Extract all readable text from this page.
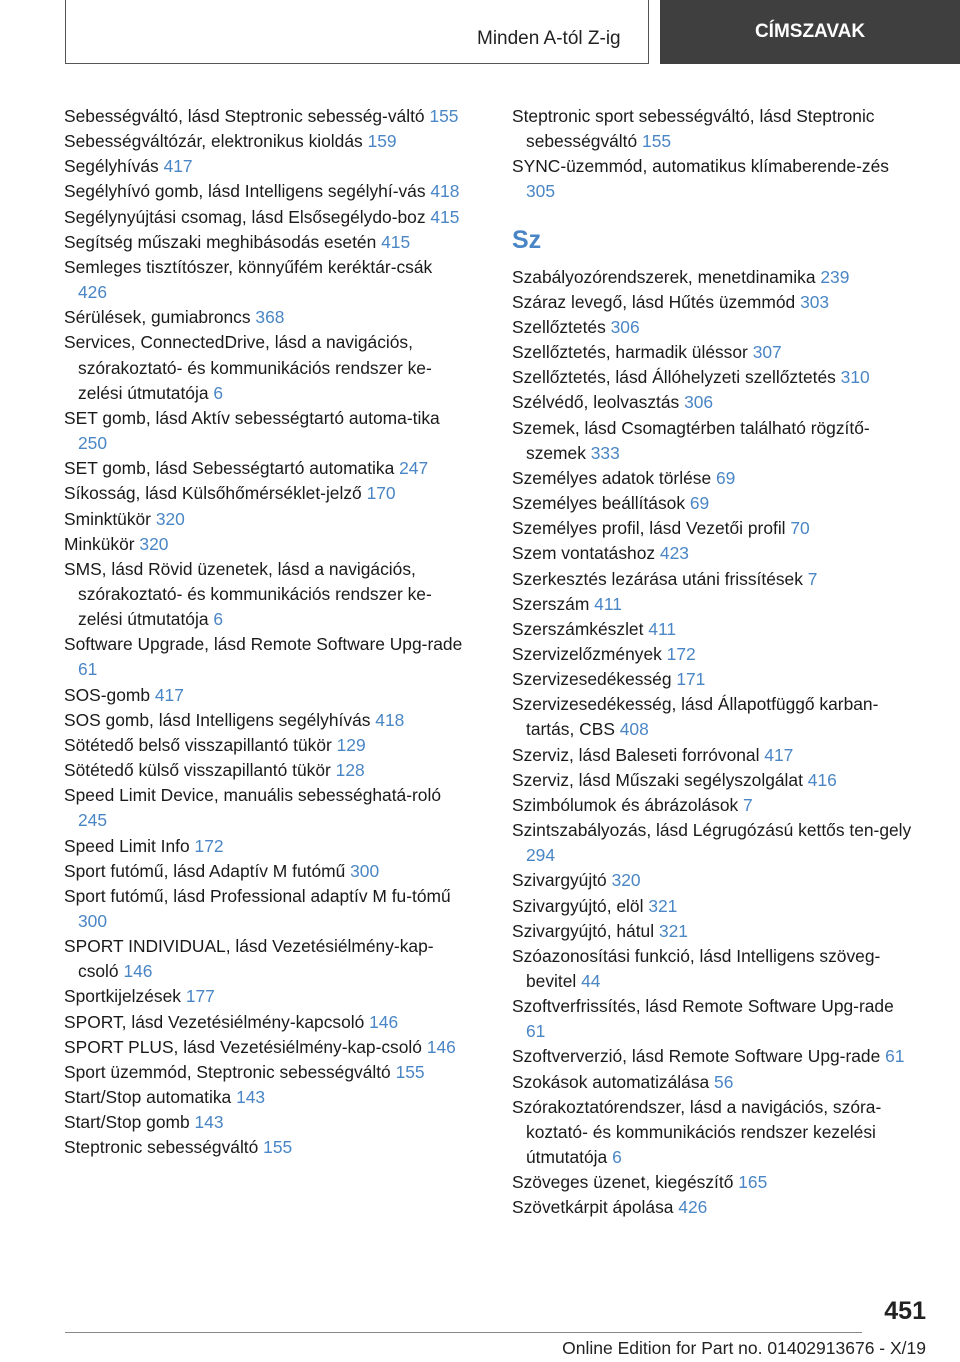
Minden A-tól Z-ig	CÍMSZAVAK
Sebességváltó, lásd Steptronic sebesség-váltó 155
Sebességváltózár, elektronikus kioldás 159
Segélyhívás 417
Segélyhívó gomb, lásd Intelligens segélyhí-vás 418
Segélynyújtási csomag, lásd Elsősegélydo-boz 415
Segítség műszaki meghibásodás esetén 415
Semleges tisztítószer, könnyűfém keréktár-csák 426
Sérülések, gumiabroncs 368
Services, ConnectedDrive, lásd a navigációs, szórakoztató- és kommunikációs rendszer ke-zelési útmutatója 6
SET gomb, lásd Aktív sebességtartó automa-tika 250
SET gomb, lásd Sebességtartó automatika 247
Síkosság, lásd Külsőhőmérséklet-jelző 170
Sminktükör 320
Minkükör 320
SMS, lásd Rövid üzenetek, lásd a navigációs, szórakoztató- és kommunikációs rendszer ke-zelési útmutatója 6
Software Upgrade, lásd Remote Software Upg-rade 61
SOS-gomb 417
SOS gomb, lásd Intelligens segélyhívás 418
Sötétedő belső visszapillantó tükör 129
Sötétedő külső visszapillantó tükör 128
Speed Limit Device, manuális sebességhatá-roló 245
Speed Limit Info 172
Sport futómű, lásd Adaptív M futómű 300
Sport futómű, lásd Professional adaptív M fu-tómű 300
SPORT INDIVIDUAL, lásd Vezetésiélmény-kap-csoló 146
Sportkijelzések 177
SPORT, lásd Vezetésiélmény-kapcsoló 146
SPORT PLUS, lásd Vezetésiélmény-kap-csoló 146
Sport üzemmód, Steptronic sebességváltó 155
Start/Stop automatika 143
Start/Stop gomb 143
Steptronic sebességváltó 155
Steptronic sport sebességváltó, lásd Steptronic sebességváltó 155
SYNC-üzemmód, automatikus klímaberende-zés 305
Sz
Szabályozórendszerek, menetdinamika 239
Száraz levegő, lásd Hűtés üzemmód 303
Szellőztetés 306
Szellőztetés, harmadik üléssor 307
Szellőztetés, lásd Állóhelyzeti szellőztetés 310
Szélvédő, leolvasztás 306
Szemek, lásd Csomagtérben található rögzítő-szemek 333
Személyes adatok törlése 69
Személyes beállítások 69
Személyes profil, lásd Vezetői profil 70
Szem vontatáshoz 423
Szerkesztés lezárása utáni frissítések 7
Szerszám 411
Szerszámkészlet 411
Szervizelőzmények 172
Szervizesedékesség 171
Szervizesedékesség, lásd Állapotfüggő karban-tartás, CBS 408
Szerviz, lásd Baleseti forróvonal 417
Szerviz, lásd Műszaki segélyszolgálat 416
Szimbólumok és ábrázolások 7
Szintszabályozás, lásd Légrugózású kettős ten-gely 294
Szivargyújtó 320
Szivargyújtó, elöl 321
Szivargyújtó, hátul 321
Szóazonosítási funkció, lásd Intelligens szöveg-bevitel 44
Szoftverfrissítés, lásd Remote Software Upg-rade 61
Szoftververzió, lásd Remote Software Upg-rade 61
Szokások automatizálása 56
Szórakoztatórendszer, lásd a navigációs, szóra-koztató- és kommunikációs rendszer kezelési útmutatója 6
Szöveges üzenet, kiegészítő 165
Szövetkárpit ápolása 426
451
Online Edition for Part no. 01402913676 - X/19
